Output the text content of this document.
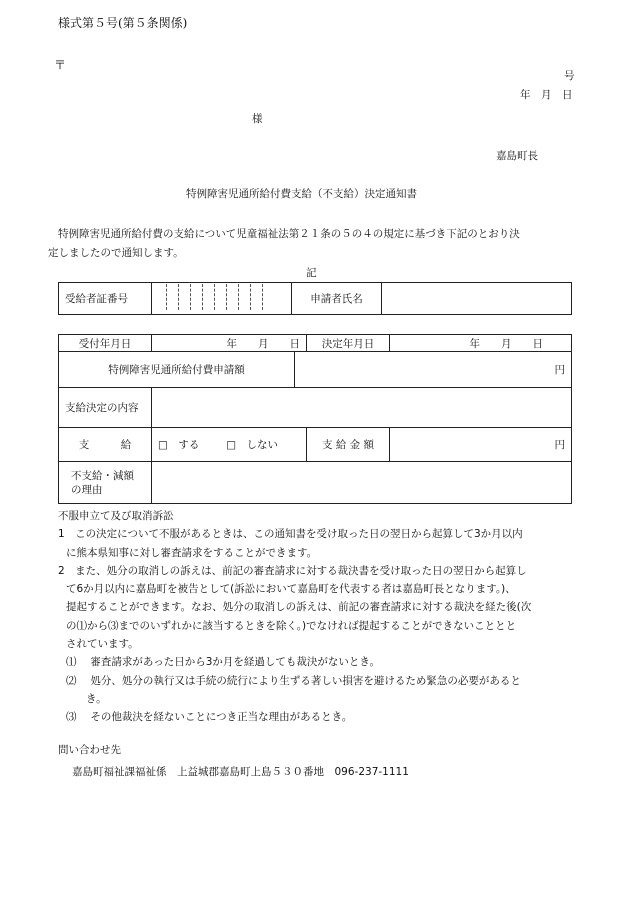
様式第５号(第５条関係)
〒
号
年　月　日
様
嘉島町長
特例障害児通所給付費支給（不支給）決定通知書
特例障害児通所給付費の支給について児童福祉法第２１条の５の４の規定に基づき下記のとおり決
定しましたので通知します。
記
受給者証番号		申請者氏名	
受付年月日	年　　月　　日		決定年月日	年　　月　　日
特例障害児通所給付費申請額		円		
支給決定の内容				
支　　　給	□　する □　しない		支 給 金 額	円

不支給・減額
の理由				

不服申立て及び取消訴訟
1　この決定について不服があるときは、この通知書を受け取った日の翌日から起算して3か月以内
に熊本県知事に対し審査請求をすることができます。
2　また、処分の取消しの訴えは、前記の審査請求に対する裁決書を受け取った日の翌日から起算し
て6か月以内に嘉島町を被告として(訴訟において嘉島町を代表する者は嘉島町長となります。)、
提起することができます。なお、処分の取消しの訴えは、前記の審査請求に対する裁決を経た後(次
の⑴から⑶までのいずれかに該当するときを除く。)でなければ提起することができないこととと
されています。
⑴　 審査請求があった日から3か月を経過しても裁決がないとき。
⑵　 処分、処分の執行又は手続の続行により生ずる著しい損害を避けるため緊急の必要があると
き。
⑶　 その他裁決を経ないことにつき正当な理由があるとき。
問い合わせ先
嘉島町福祉課福祉係　上益城郡嘉島町上島５３０番地　096-237-1111
